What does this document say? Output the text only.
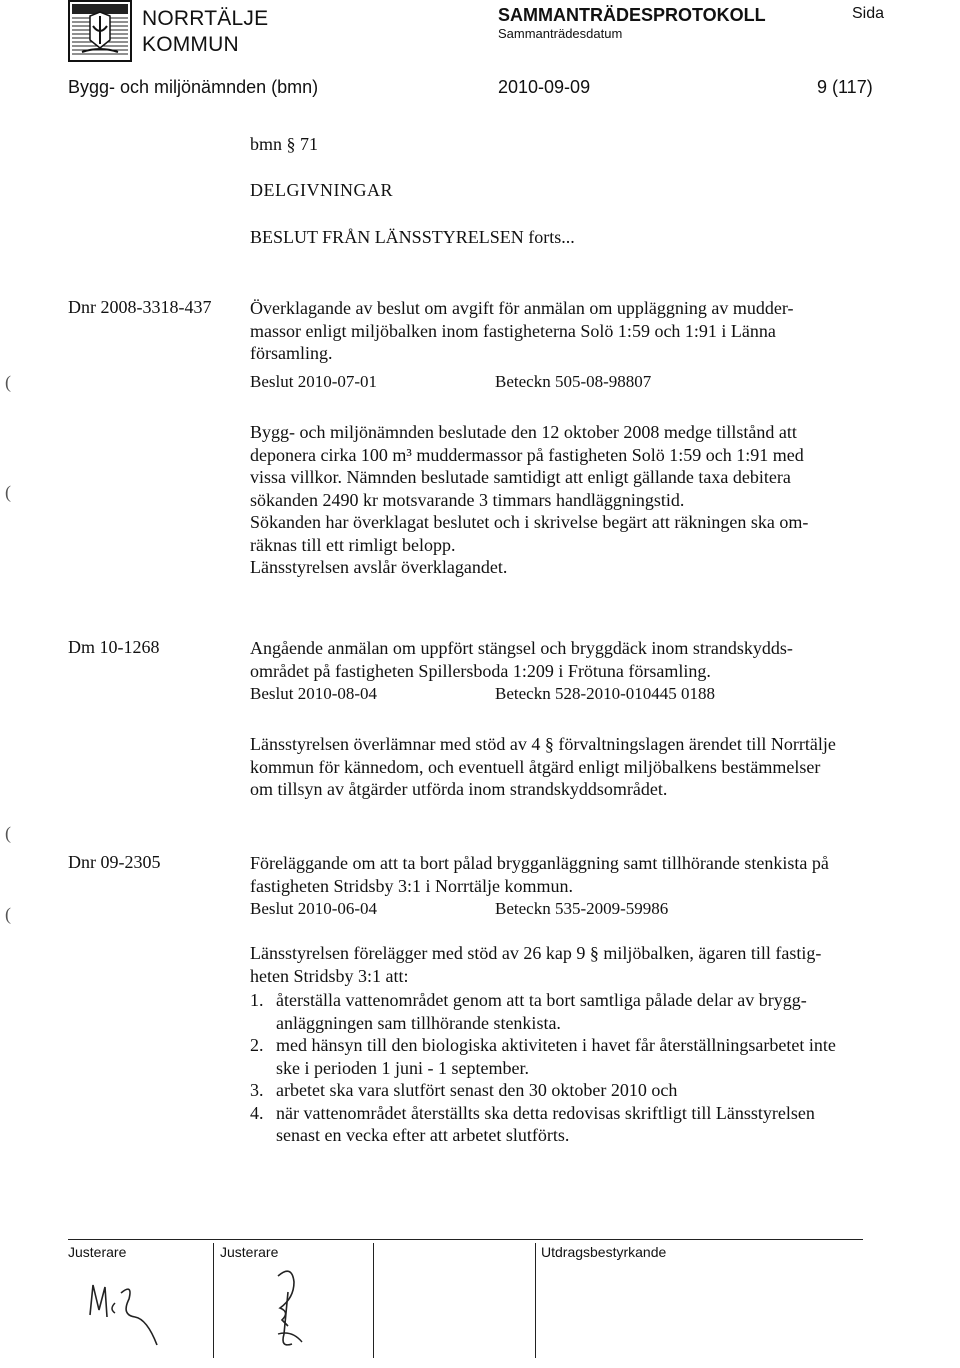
NORRTÄLJE
KOMMUN
SAMMANTRÄDESPROTOKOLL
Sammanträdesdatum
Sida
Bygg- och miljönämnden (bmn)	2010-09-09	9 (117)
bmn § 71
DELGIVNINGAR
BESLUT FRÅN LÄNSSTYRELSEN forts...
Dnr 2008-3318-437 Överklagande av beslut om avgift för anmälan om uppläggning av mudder-
massor enligt miljöbalken inom fastigheterna Solö 1:59 och 1:91 i Länna
församling.
Beslut 2010-07-01	Beteckn 505-08-98807
Bygg- och miljönämnden beslutade den 12 oktober 2008 medge tillstånd att
deponera cirka 100 m³ muddermassor på fastigheten Solö 1:59 och 1:91 med
vissa villkor. Nämnden beslutade samtidigt att enligt gällande taxa debitera
sökanden 2490 kr motsvarande 3 timmars handläggningstid.
Sökanden har överklagat beslutet och i skrivelse begärt att räkningen ska om-
räknas till ett rimligt belopp.
Länsstyrelsen avslår överklagandet.
Dm 10-1268	Angående anmälan om uppfört stängsel och bryggdäck inom strandskydds-
området på fastigheten Spillersboda 1:209 i Frötuna församling.
Beslut 2010-08-04	Beteckn 528-2010-010445 0188
Länsstyrelsen överlämnar med stöd av 4 § förvaltningslagen ärendet till Norrtälje
kommun för kännedom, och eventuell åtgärd enligt miljöbalkens bestämmelser
om tillsyn av åtgärder utförda inom strandskyddsområdet.
Dnr 09-2305	Föreläggande om att ta bort pålad brygganläggning samt tillhörande stenkista på
fastigheten Stridsby 3:1 i Norrtälje kommun.
Beslut 2010-06-04	Beteckn 535-2009-59986
Länsstyrelsen förelägger med stöd av 26 kap 9 § miljöbalken, ägaren till fastig-
heten Stridsby 3:1 att:
1. återställa vattenområdet genom att ta bort samtliga pålade delar av brygg-
anläggningen sam tillhörande stenkista.
2. med hänsyn till den biologiska aktiviteten i havet får återställningsarbetet inte
ske i perioden 1 juni - 1 september.
3. arbetet ska vara slutfört senast den 30 oktober 2010 och
4. när vattenområdet återställts ska detta redovisas skriftligt till Länsstyrelsen
senast en vecka efter att arbetet slutförts.
(
(
(
(
Justerare	Justerare	Utdragsbestyrkande
